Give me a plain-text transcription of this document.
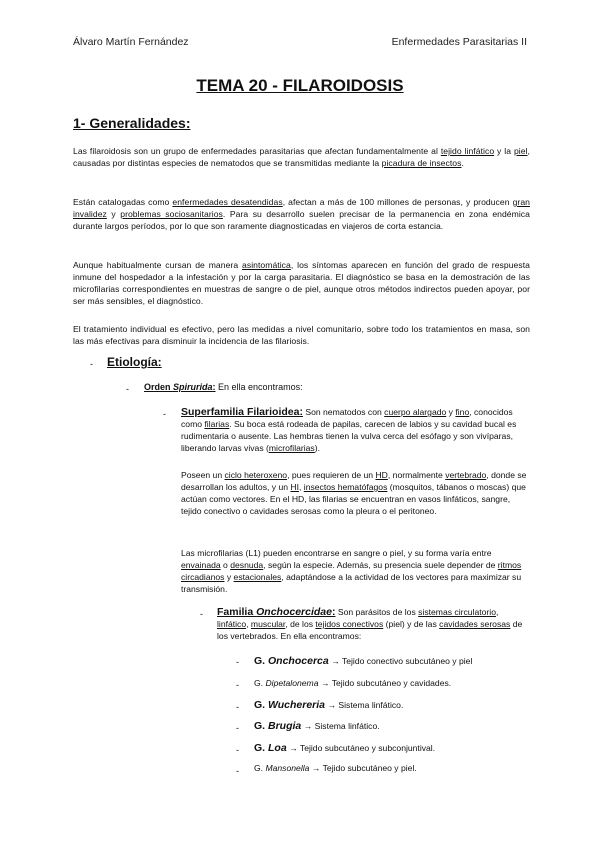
Álvaro Martín Fernández	Enfermedades Parasitarias II
TEMA 20 - FILAROIDOSIS
1- Generalidades:
Las filaroidosis son un grupo de enfermedades parasitarias que afectan fundamentalmente al tejido linfático y la piel, causadas por distintas especies de nematodos que se transmitidas mediante la picadura de insectos.
Están catalogadas como enfermedades desatendidas, afectan a más de 100 millones de personas, y producen gran invalidez y problemas sociosanitarios. Para su desarrollo suelen precisar de la permanencia en zona endémica durante largos períodos, por lo que son raramente diagnosticadas en viajeros de corta estancia.
Aunque habitualmente cursan de manera asintomática, los síntomas aparecen en función del grado de respuesta inmune del hospedador a la infestación y por la carga parasitaria. El diagnóstico se basa en la demostración de las microfilarias correspondientes en muestras de sangre o de piel, aunque otros métodos indirectos pueden apoyar, por ser más sensibles, el diagnóstico.
El tratamiento individual es efectivo, pero las medidas a nivel comunitario, sobre todo los tratamientos en masa, son las más efectivas para disminuir la incidencia de las filariosis.
- Etiología:
- Orden Spirurida: En ella encontramos:
- Superfamilia Filarioidea: Son nematodos con cuerpo alargado y fino, conocidos como filarias. Su boca está rodeada de papilas, carecen de labios y su cavidad bucal es rudimentaria o ausente. Las hembras tienen la vulva cerca del esófago y son vivíparas, liberando larvas vivas (microfilarias).
Poseen un ciclo heteroxeno, pues requieren de un HD, normalmente vertebrado, donde se desarrollan los adultos, y un HI, insectos hematófagos (mosquitos, tábanos o moscas) que actúan como vectores. En el HD, las filarias se encuentran en vasos linfáticos, sangre, tejido conectivo o cavidades serosas como la pleura o el peritoneo.
Las microfilarias (L1) pueden encontrarse en sangre o piel, y su forma varía entre envainada o desnuda, según la especie. Además, su presencia suele depender de ritmos circadianos y estacionales, adaptándose a la actividad de los vectores para maximizar su transmisión.
- Familia Onchocercidae: Son parásitos de los sistemas circulatorio, linfático, muscular, de los tejidos conectivos (piel) y de las cavidades serosas de los vertebrados. En ella encontramos:
- G. Onchocerca → Tejido conectivo subcutáneo y piel
- G. Dipetalonema → Tejido subcutáneo y cavidades.
- G. Wuchereria → Sistema linfático.
- G. Brugia → Sistema linfático.
- G. Loa → Tejido subcutáneo y subconjuntival.
- G. Mansonella → Tejido subcutáneo y piel.
